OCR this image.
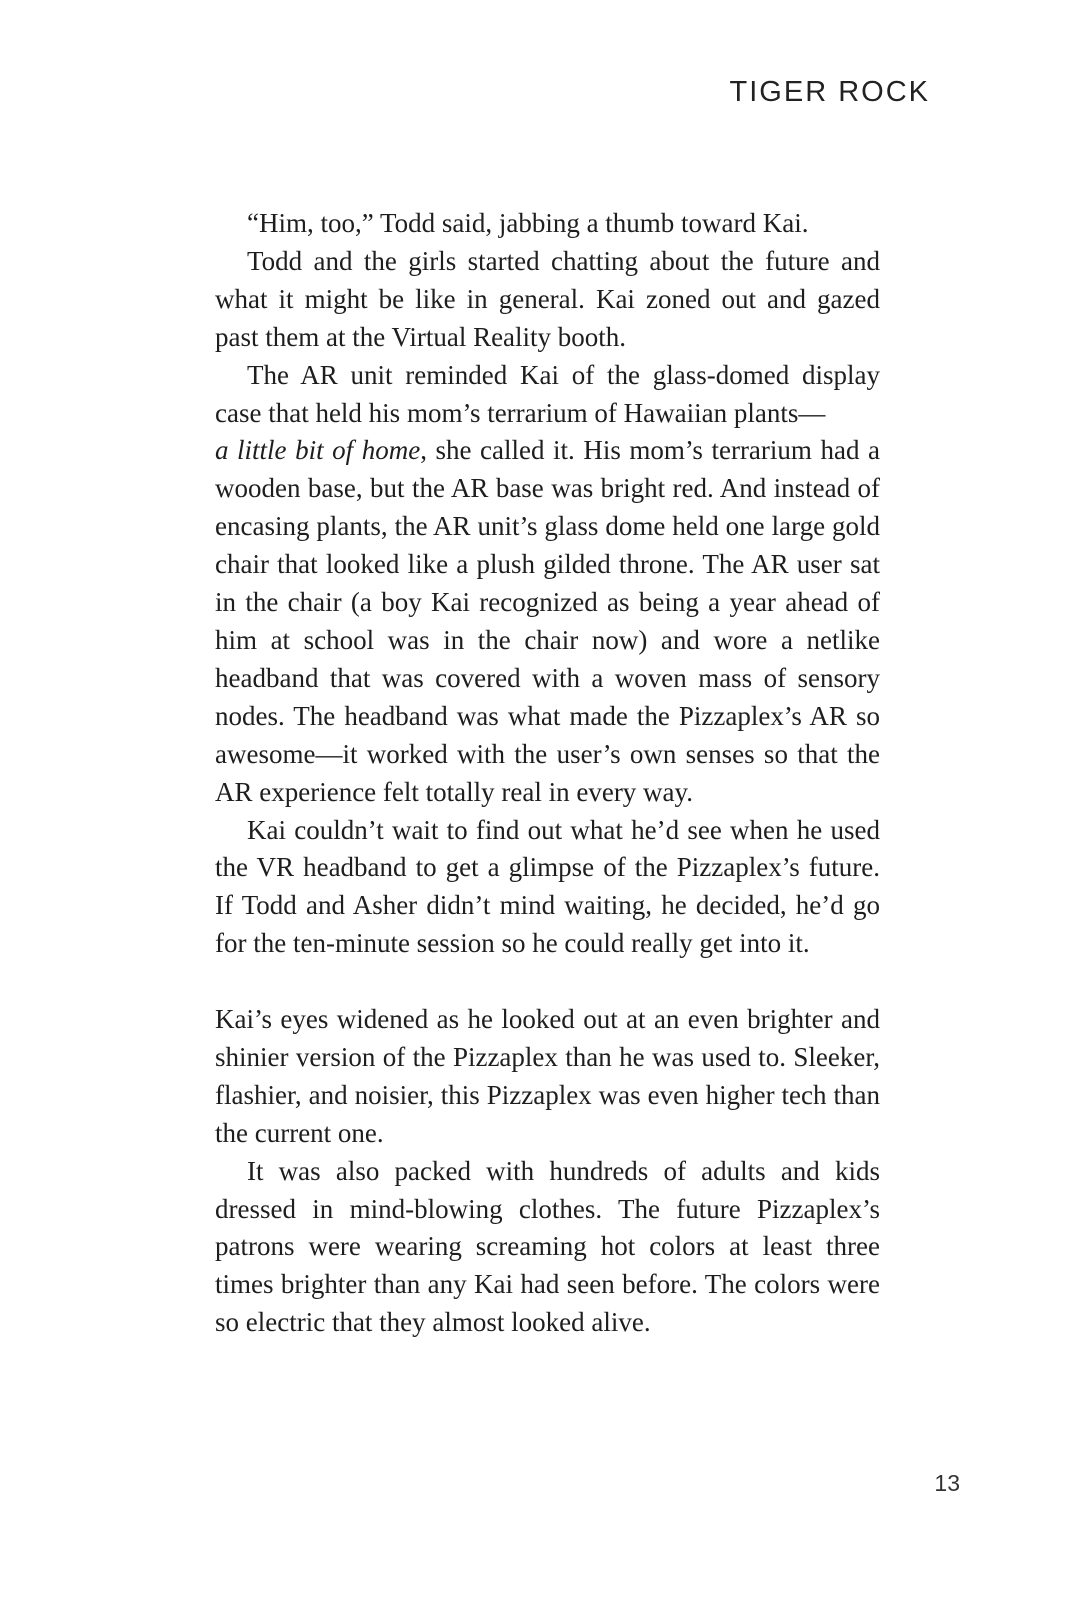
TIGER ROCK

“Him, too,” Todd said, jabbing a thumb toward Kai.

Todd and the girls started chatting about the future and what it might be like in general. Kai zoned out and gazed past them at the Virtual Reality booth.

The AR unit reminded Kai of the glass-domed display case that held his mom’s terrarium of Hawaiian plants—
a little bit of home, she called it. His mom’s terrarium had a wooden base, but the AR base was bright red. And instead of encasing plants, the AR unit’s glass dome held one large gold chair that looked like a plush gilded throne. The AR user sat in the chair (a boy Kai recognized as being a year ahead of him at school was in the chair now) and wore a netlike headband that was covered with a woven mass of sensory nodes. The headband was what made the Pizzaplex’s AR so awesome—it worked with the user’s own senses so that the AR experience felt totally real in every way.

Kai couldn’t wait to find out what he’d see when he used the VR headband to get a glimpse of the Pizzaplex’s future. If Todd and Asher didn’t mind waiting, he decided, he’d go for the ten-minute session so he could really get into it.

Kai’s eyes widened as he looked out at an even brighter and shinier version of the Pizzaplex than he was used to. Sleeker, flashier, and noisier, this Pizzaplex was even higher tech than the current one.

It was also packed with hundreds of adults and kids dressed in mind-blowing clothes. The future Pizzaplex’s patrons were wearing screaming hot colors at least three times brighter than any Kai had seen before. The colors were so electric that they almost looked alive.

13
